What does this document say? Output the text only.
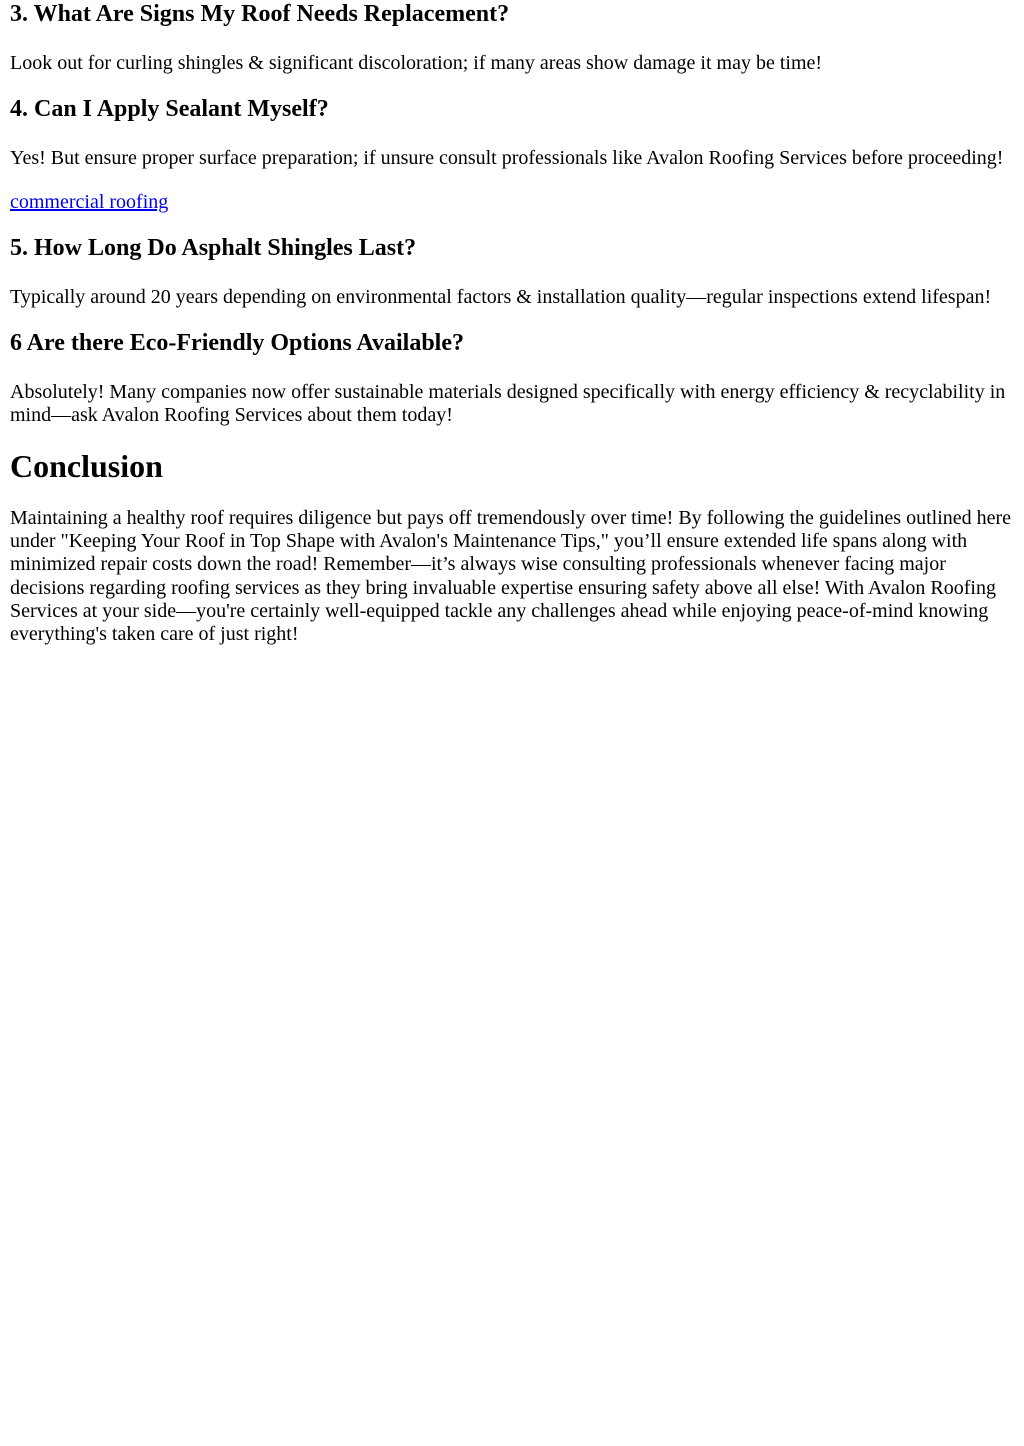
3. What Are Signs My Roof Needs Replacement?

Look out for curling shingles & significant discoloration; if many areas show damage it may be time!

4. Can I Apply Sealant Myself?

Yes! But ensure proper surface preparation; if unsure consult professionals like Avalon Roofing Services before proceeding!

commercial roofing

5. How Long Do Asphalt Shingles Last?

Typically around 20 years depending on environmental factors & installation quality—regular inspections extend lifespan!

6 Are there Eco-Friendly Options Available?

Absolutely! Many companies now offer sustainable materials designed specifically with energy efficiency & recyclability in mind—ask Avalon Roofing Services about them today!

Conclusion

Maintaining a healthy roof requires diligence but pays off tremendously over time! By following the guidelines outlined here under "Keeping Your Roof in Top Shape with Avalon's Maintenance Tips," you’ll ensure extended life spans along with minimized repair costs down the road! Remember—it’s always wise consulting professionals whenever facing major decisions regarding roofing services as they bring invaluable expertise ensuring safety above all else! With Avalon Roofing Services at your side—you're certainly well-equipped tackle any challenges ahead while enjoying peace-of-mind knowing everything's taken care of just right!
